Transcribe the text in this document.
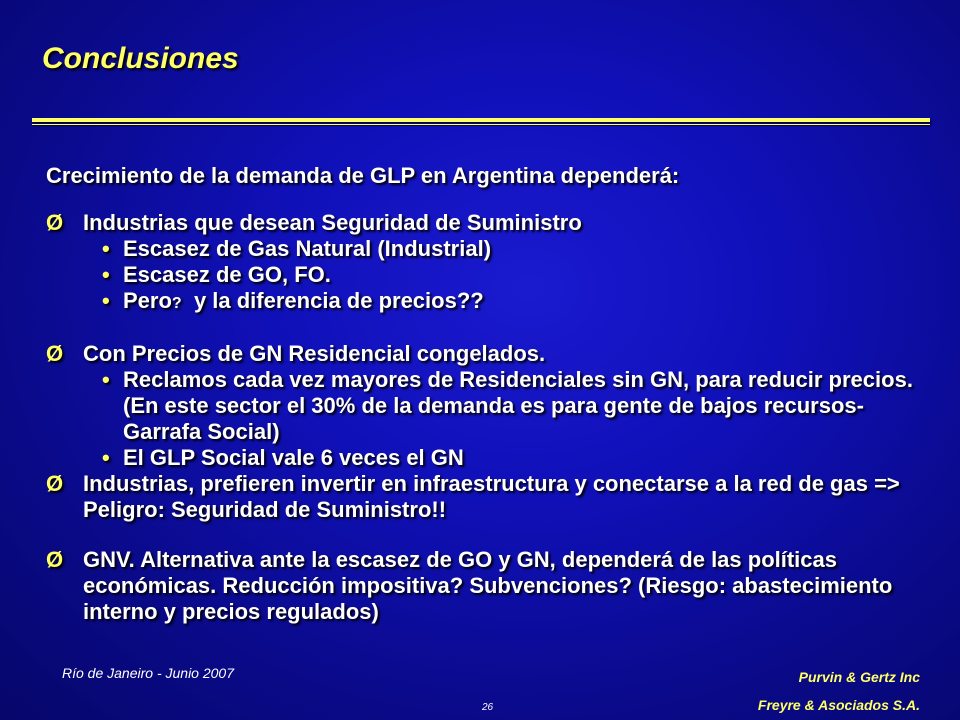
Conclusiones

Crecimiento de la demanda de GLP en Argentina dependerá:

Ø Industrias que desean Seguridad de Suministro

• Escasez de Gas Natural (Industrial)

• Escasez de GO, FO.

• Pero? y la diferencia de precios??

Ø Con Precios de GN Residencial congelados.

• Reclamos cada vez mayores de Residenciales sin GN, para reducir precios. (En este sector el 30% de la demanda es para gente de bajos recursos- Garrafa Social)

• El GLP Social vale 6 veces el GN

Ø Industrias, prefieren invertir en infraestructura y conectarse a la red de gas => Peligro: Seguridad de Suministro!!

Ø GNV. Alternativa ante la escasez de GO y GN, dependerá de las políticas económicas. Reducción impositiva? Subvenciones? (Riesgo: abastecimiento interno y precios regulados)

Río de Janeiro - Junio 2007
26
Purvin & Gertz Inc
Freyre & Asociados S.A.
